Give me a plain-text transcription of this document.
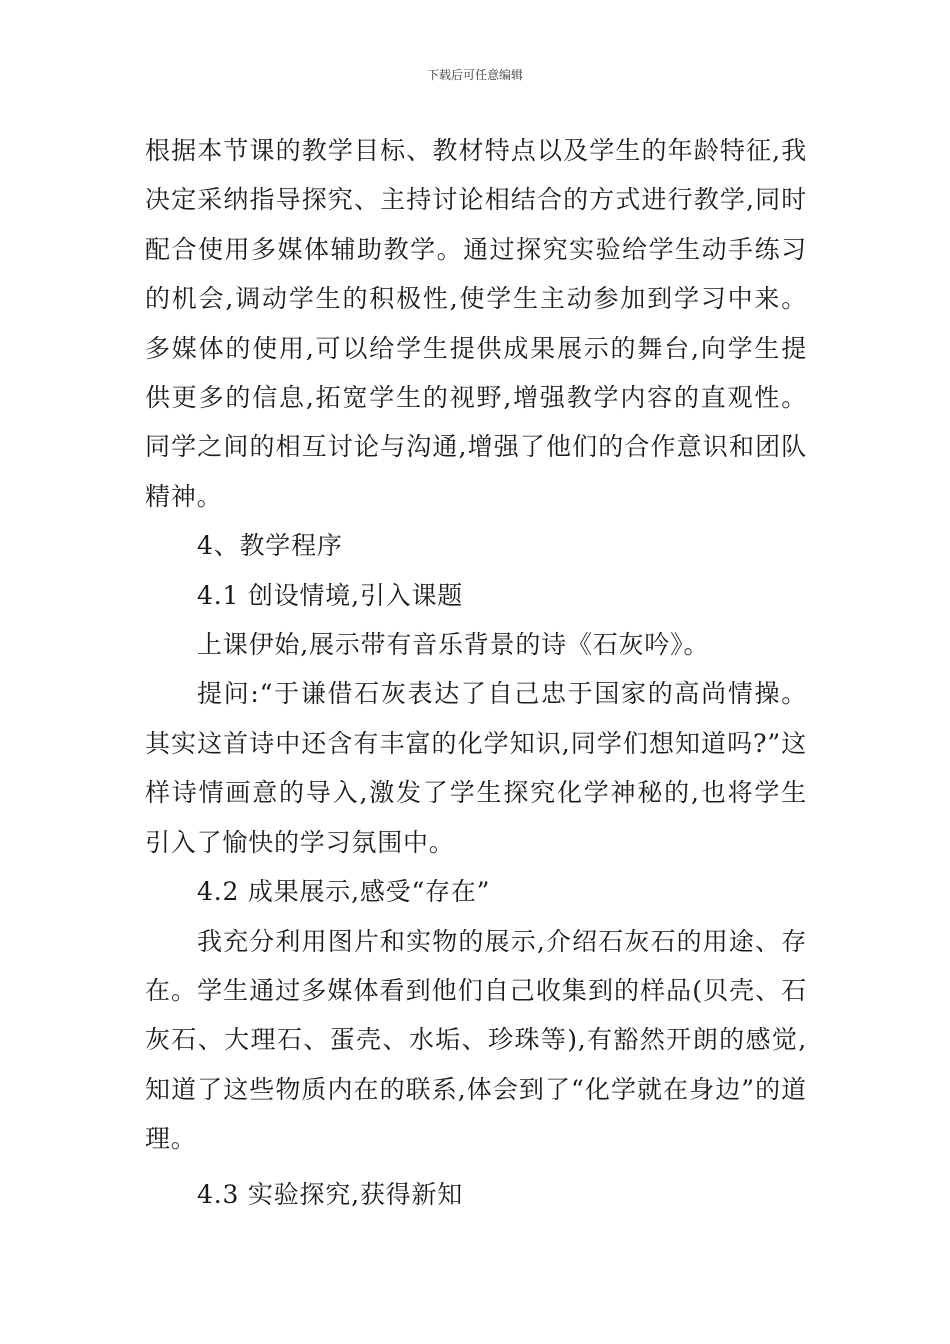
下载后可任意编辑

根据本节课的教学目标、教材特点以及学生的年龄特征,我决定采纳指导探究、主持讨论相结合的方式进行教学,同时配合使用多媒体辅助教学。通过探究实验给学生动手练习的机会,调动学生的积极性,使学生主动参加到学习中来。多媒体的使用,可以给学生提供成果展示的舞台,向学生提供更多的信息,拓宽学生的视野,增强教学内容的直观性。同学之间的相互讨论与沟通,增强了他们的合作意识和团队精神。

4、教学程序

4.1 创设情境,引入课题

上课伊始,展示带有音乐背景的诗《石灰吟》。

提问:“于谦借石灰表达了自己忠于国家的高尚情操。其实这首诗中还含有丰富的化学知识,同学们想知道吗?”这样诗情画意的导入,激发了学生探究化学神秘的,也将学生引入了愉快的学习氛围中。

4.2 成果展示,感受“存在”

我充分利用图片和实物的展示,介绍石灰石的用途、存在。学生通过多媒体看到他们自己收集到的样品(贝壳、石灰石、大理石、蛋壳、水垢、珍珠等),有豁然开朗的感觉,知道了这些物质内在的联系,体会到了“化学就在身边”的道理。

4.3 实验探究,获得新知
